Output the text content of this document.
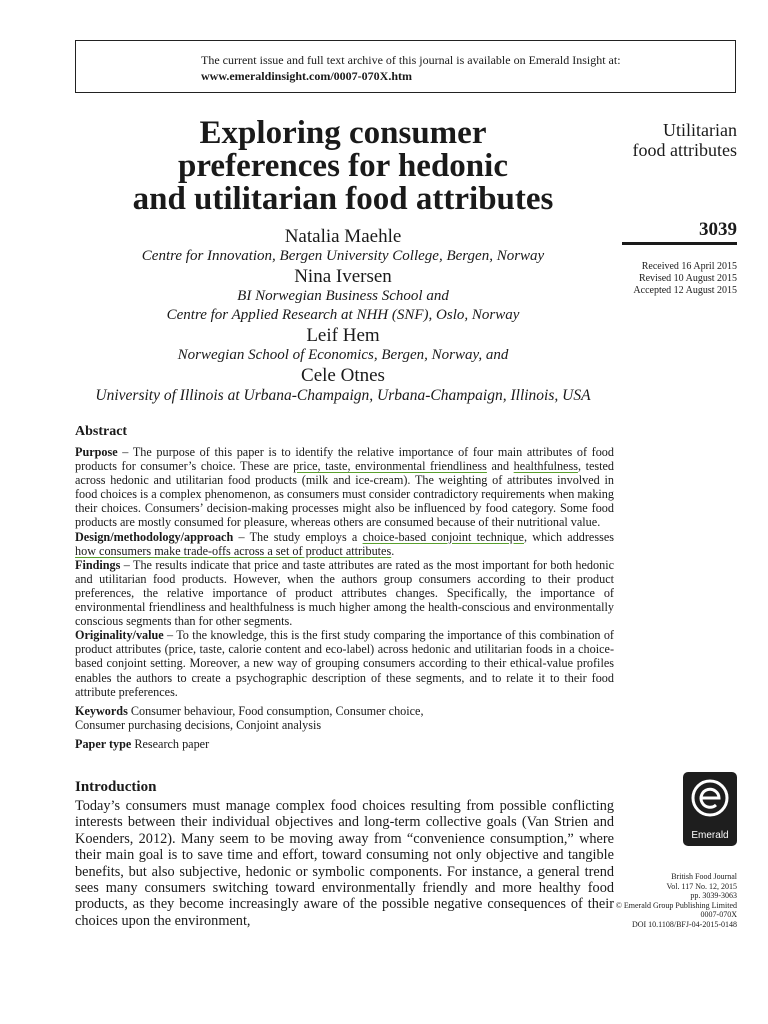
The current issue and full text archive of this journal is available on Emerald Insight at:
www.emeraldinsight.com/0007-070X.htm
Exploring consumer
preferences for hedonic
and utilitarian food attributes
Natalia Maehle
Centre for Innovation, Bergen University College, Bergen, Norway
Nina Iversen
BI Norwegian Business School and
Centre for Applied Research at NHH (SNF), Oslo, Norway
Leif Hem
Norwegian School of Economics, Bergen, Norway, and
Cele Otnes
University of Illinois at Urbana-Champaign, Urbana-Champaign, Illinois, USA
Utilitarian
food attributes
3039
Received 16 April 2015
Revised 10 August 2015
Accepted 12 August 2015
Abstract

Purpose – The purpose of this paper is to identify the relative importance of four main attributes of food products for consumer’s choice. These are price, taste, environmental friendliness and healthfulness, tested across hedonic and utilitarian food products (milk and ice-cream). The weighting of attributes involved in food choices is a complex phenomenon, as consumers must consider contradictory requirements when making their choices. Consumers’ decision-making processes might also be influenced by food category. Some food products are mostly consumed for pleasure, whereas others are consumed because of their nutritional value.

Design/methodology/approach – The study employs a choice-based conjoint technique, which addresses how consumers make trade-offs across a set of product attributes.

Findings – The results indicate that price and taste attributes are rated as the most important for both hedonic and utilitarian food products. However, when the authors group consumers according to their product preferences, the relative importance of product attributes changes. Specifically, the importance of environmental friendliness and healthfulness is much higher among the health-conscious and environmentally conscious segments than for other segments.

Originality/value – To the knowledge, this is the first study comparing the importance of this combination of product attributes (price, taste, calorie content and eco-label) across hedonic and utilitarian foods in a choice-based conjoint setting. Moreover, a new way of grouping consumers according to their ethical-value profiles enables the authors to create a psychographic description of these segments, and to relate it to their food attribute preferences.

Keywords Consumer behaviour, Food consumption, Consumer choice,
Consumer purchasing decisions, Conjoint analysis

Paper type Research paper

Introduction

Today’s consumers must manage complex food choices resulting from possible conflicting interests between their individual objectives and long-term collective goals (Van Strien and Koenders, 2012). Many seem to be moving away from “convenience consumption,” where their main goal is to save time and effort, toward consuming not only objective and tangible benefits, but also subjective, hedonic or symbolic components. For instance, a general trend sees many consumers switching toward environmentally friendly and more healthy food products, as they become increasingly aware of the possible negative consequences of their choices upon the environment,

Emerald
British Food Journal
Vol. 117 No. 12, 2015
pp. 3039-3063
© Emerald Group Publishing Limited
0007-070X
DOI 10.1108/BFJ-04-2015-0148
